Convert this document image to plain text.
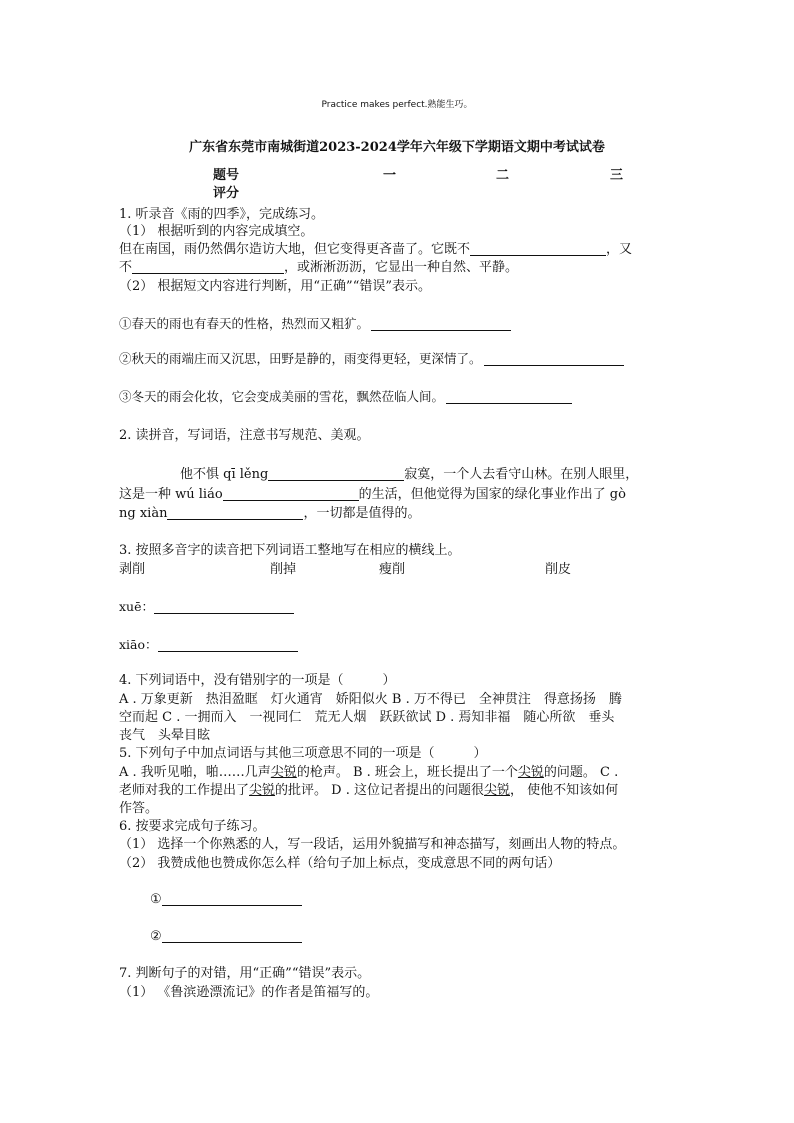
Practice makes perfect.熟能生巧。
广东省东莞市南城街道2023-2024学年六年级下学期语文期中考试试卷
题号	一	二	三
评分
1. 听录音《雨的四季》，完成练习。
（1） 根据听到的内容完成填空。
但在南国，雨仍然偶尔造访大地，但它变得更吝啬了。它既不	，又
不	，或淅淅沥沥，它显出一种自然、平静。
（2） 根据短文内容进行判断，用“正确”“错误”表示。
①春天的雨也有春天的性格，热烈而又粗犷。
②秋天的雨端庄而又沉思，田野是静的，雨变得更轻，更深情了。
③冬天的雨会化妆，它会变成美丽的雪花，飘然莅临人间。
2. 读拼音，写词语，注意书写规范、美观。
他不惧 qī lěng	寂寞，一个人去看守山林。在别人眼里，
这是一种 wú liáo	的生活，但他觉得为国家的绿化事业作出了 gò
ng xiàn	，一切都是值得的。
3. 按照多音字的读音把下列词语工整地写在相应的横线上。
剥削	削掉	瘦削	削皮
xuē：
xiāo：
4. 下列词语中，没有错别字的一项是（　　　）
A . 万象更新　热泪盈眶　灯火通宵　娇阳似火 B . 万不得已　全神贯注　得意扬扬　腾
空而起 C . 一拥而入　一视同仁　荒无人烟　跃跃欲试 D . 焉知非福　随心所欲　垂头
丧气　头晕目眩
5. 下列句子中加点词语与其他三项意思不同的一项是（　　　）
A . 我听见啪，啪……几声尖锐的枪声。 B . 班会上，班长提出了一个尖锐的问题。 C .
老师对我的工作提出了尖锐的批评。 D . 这位记者提出的问题很尖锐， 使他不知该如何
作答。
6. 按要求完成句子练习。
（1） 选择一个你熟悉的人，写一段话，运用外貌描写和神态描写，刻画出人物的特点。
（2） 我赞成他也赞成你怎么样（给句子加上标点，变成意思不同的两句话）
①
②
7. 判断句子的对错，用“正确”“错误”表示。
（1） 《鲁滨逊漂流记》的作者是笛福写的。
